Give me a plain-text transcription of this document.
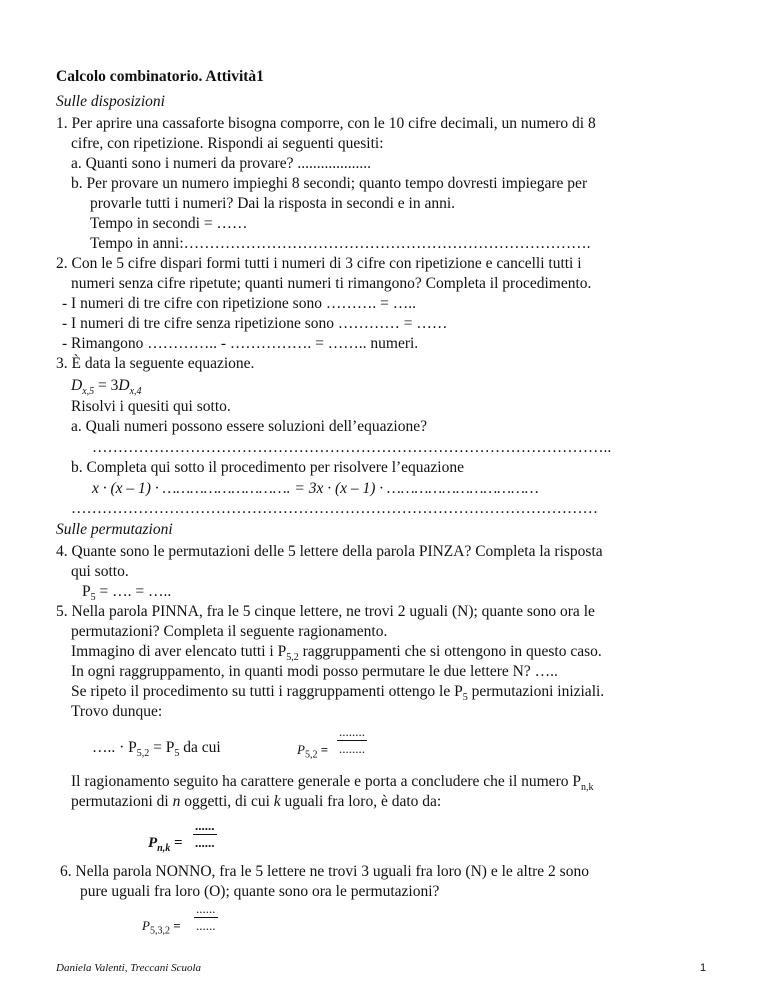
Calcolo combinatorio. Attività1
Sulle disposizioni
1. Per aprire una cassaforte bisogna comporre, con le 10 cifre decimali, un numero di 8
cifre, con ripetizione. Rispondi ai seguenti quesiti:
a. Quanti sono i numeri da provare? ...................
b. Per provare un numero impieghi 8 secondi; quanto tempo dovresti impiegare per
provarle tutti i numeri? Dai la risposta in secondi e in anni.
Tempo in secondi = ……
Tempo in anni:…………………………………………………………………….
2. Con le 5 cifre dispari formi tutti i numeri di 3 cifre con ripetizione e cancelli tutti i
numeri senza cifre ripetute; quanti numeri ti rimangono? Completa il procedimento.
- I numeri di tre cifre con ripetizione sono ………. = …..
- I numeri di tre cifre senza ripetizione sono ………… = ……
- Rimangono ………….. - ……………. = …….. numeri.
3. È data la seguente equazione.
$D_{x,5} = 3D_{x,4}$
Risolvi i quesiti qui sotto.
a. Quali numeri possono essere soluzioni dell’equazione?
………………………………………………………………………………………..
b. Completa qui sotto il procedimento per risolvere l’equazione
x · (x – 1) · ………………………. = 3x · (x – 1) · ……………………………
…………………………………………………………………………………………
Sulle permutazioni
4. Quante sono le permutazioni delle 5 lettere della parola PINZA? Completa la risposta
qui sotto.
$P_5$ = …. = …..
5. Nella parola PINNA, fra le 5 cinque lettere, ne trovi 2 uguali (N); quante sono ora le
permutazioni? Completa il seguente ragionamento.
Immagino di aver elencato tutti i $P_{5,2}$ raggruppamenti che si ottengono in questo caso.
In ogni raggruppamento, in quanti modi posso permutare le due lettere N? …..
Se ripeto il procedimento su tutti i raggruppamenti ottengo le $P_5$ permutazioni iniziali.
Trovo dunque:
….. · $P_{5,2} = P_5$ da cui	$P_{5,2}$ =
........
........
Il ragionamento seguito ha carattere generale e porta a concludere che il numero $P_{n,k}$
permutazioni di n oggetti, di cui k uguali fra loro, è dato da:
$P_{n,k}$ =
......
......
6. Nella parola NONNO, fra le 5 lettere ne trovi 3 uguali fra loro (N) e le altre 2 sono
pure uguali fra loro (O); quante sono ora le permutazioni?
$P_{5,3,2}$ =
......
......
Daniela Valenti, Treccani Scuola	1
